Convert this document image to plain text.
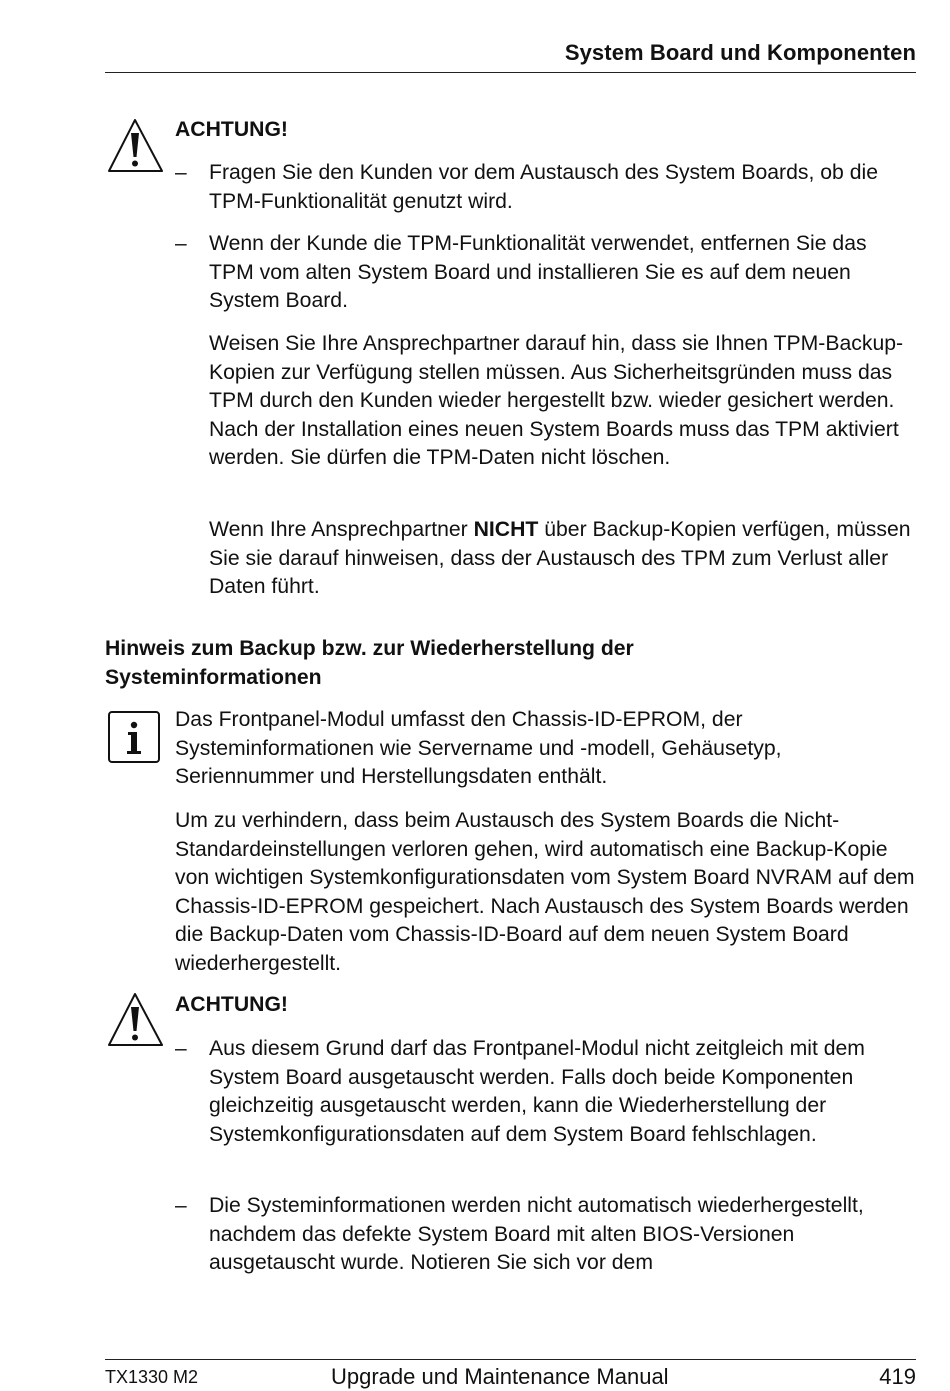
System Board und Komponenten
ACHTUNG!
– Fragen Sie den Kunden vor dem Austausch des System Boards, ob die TPM-Funktionalität genutzt wird.

– Wenn der Kunde die TPM-Funktionalität verwendet, entfernen Sie das TPM vom alten System Board und installieren Sie es auf dem neuen System Board.

Weisen Sie Ihre Ansprechpartner darauf hin, dass sie Ihnen TPM-Backup-Kopien zur Verfügung stellen müssen. Aus Sicherheitsgründen muss das TPM durch den Kunden wieder hergestellt bzw. wieder gesichert werden. Nach der Installation eines neuen System Boards muss das TPM aktiviert werden. Sie dürfen die TPM-Daten nicht löschen.

Wenn Ihre Ansprechpartner NICHT über Backup-Kopien verfügen, müssen Sie sie darauf hinweisen, dass der Austausch des TPM zum Verlust aller Daten führt.

Hinweis zum Backup bzw. zur Wiederherstellung der Systeminformationen

Das Frontpanel-Modul umfasst den Chassis-ID-EPROM, der Systeminformationen wie Servername und -modell, Gehäusetyp, Seriennummer und Herstellungsdaten enthält.

Um zu verhindern, dass beim Austausch des System Boards die Nicht-Standardeinstellungen verloren gehen, wird automatisch eine Backup-Kopie von wichtigen Systemkonfigurationsdaten vom System Board NVRAM auf dem Chassis-ID-EPROM gespeichert. Nach Austausch des System Boards werden die Backup-Daten vom Chassis-ID-Board auf dem neuen System Board wiederhergestellt.

ACHTUNG!
– Aus diesem Grund darf das Frontpanel-Modul nicht zeitgleich mit dem System Board ausgetauscht werden. Falls doch beide Komponenten gleichzeitig ausgetauscht werden, kann die Wiederherstellung der Systemkonfigurationsdaten auf dem System Board fehlschlagen.

– Die Systeminformationen werden nicht automatisch wiederhergestellt, nachdem das defekte System Board mit alten BIOS-Versionen ausgetauscht wurde. Notieren Sie sich vor dem

TX1330 M2	Upgrade und Maintenance Manual	419
